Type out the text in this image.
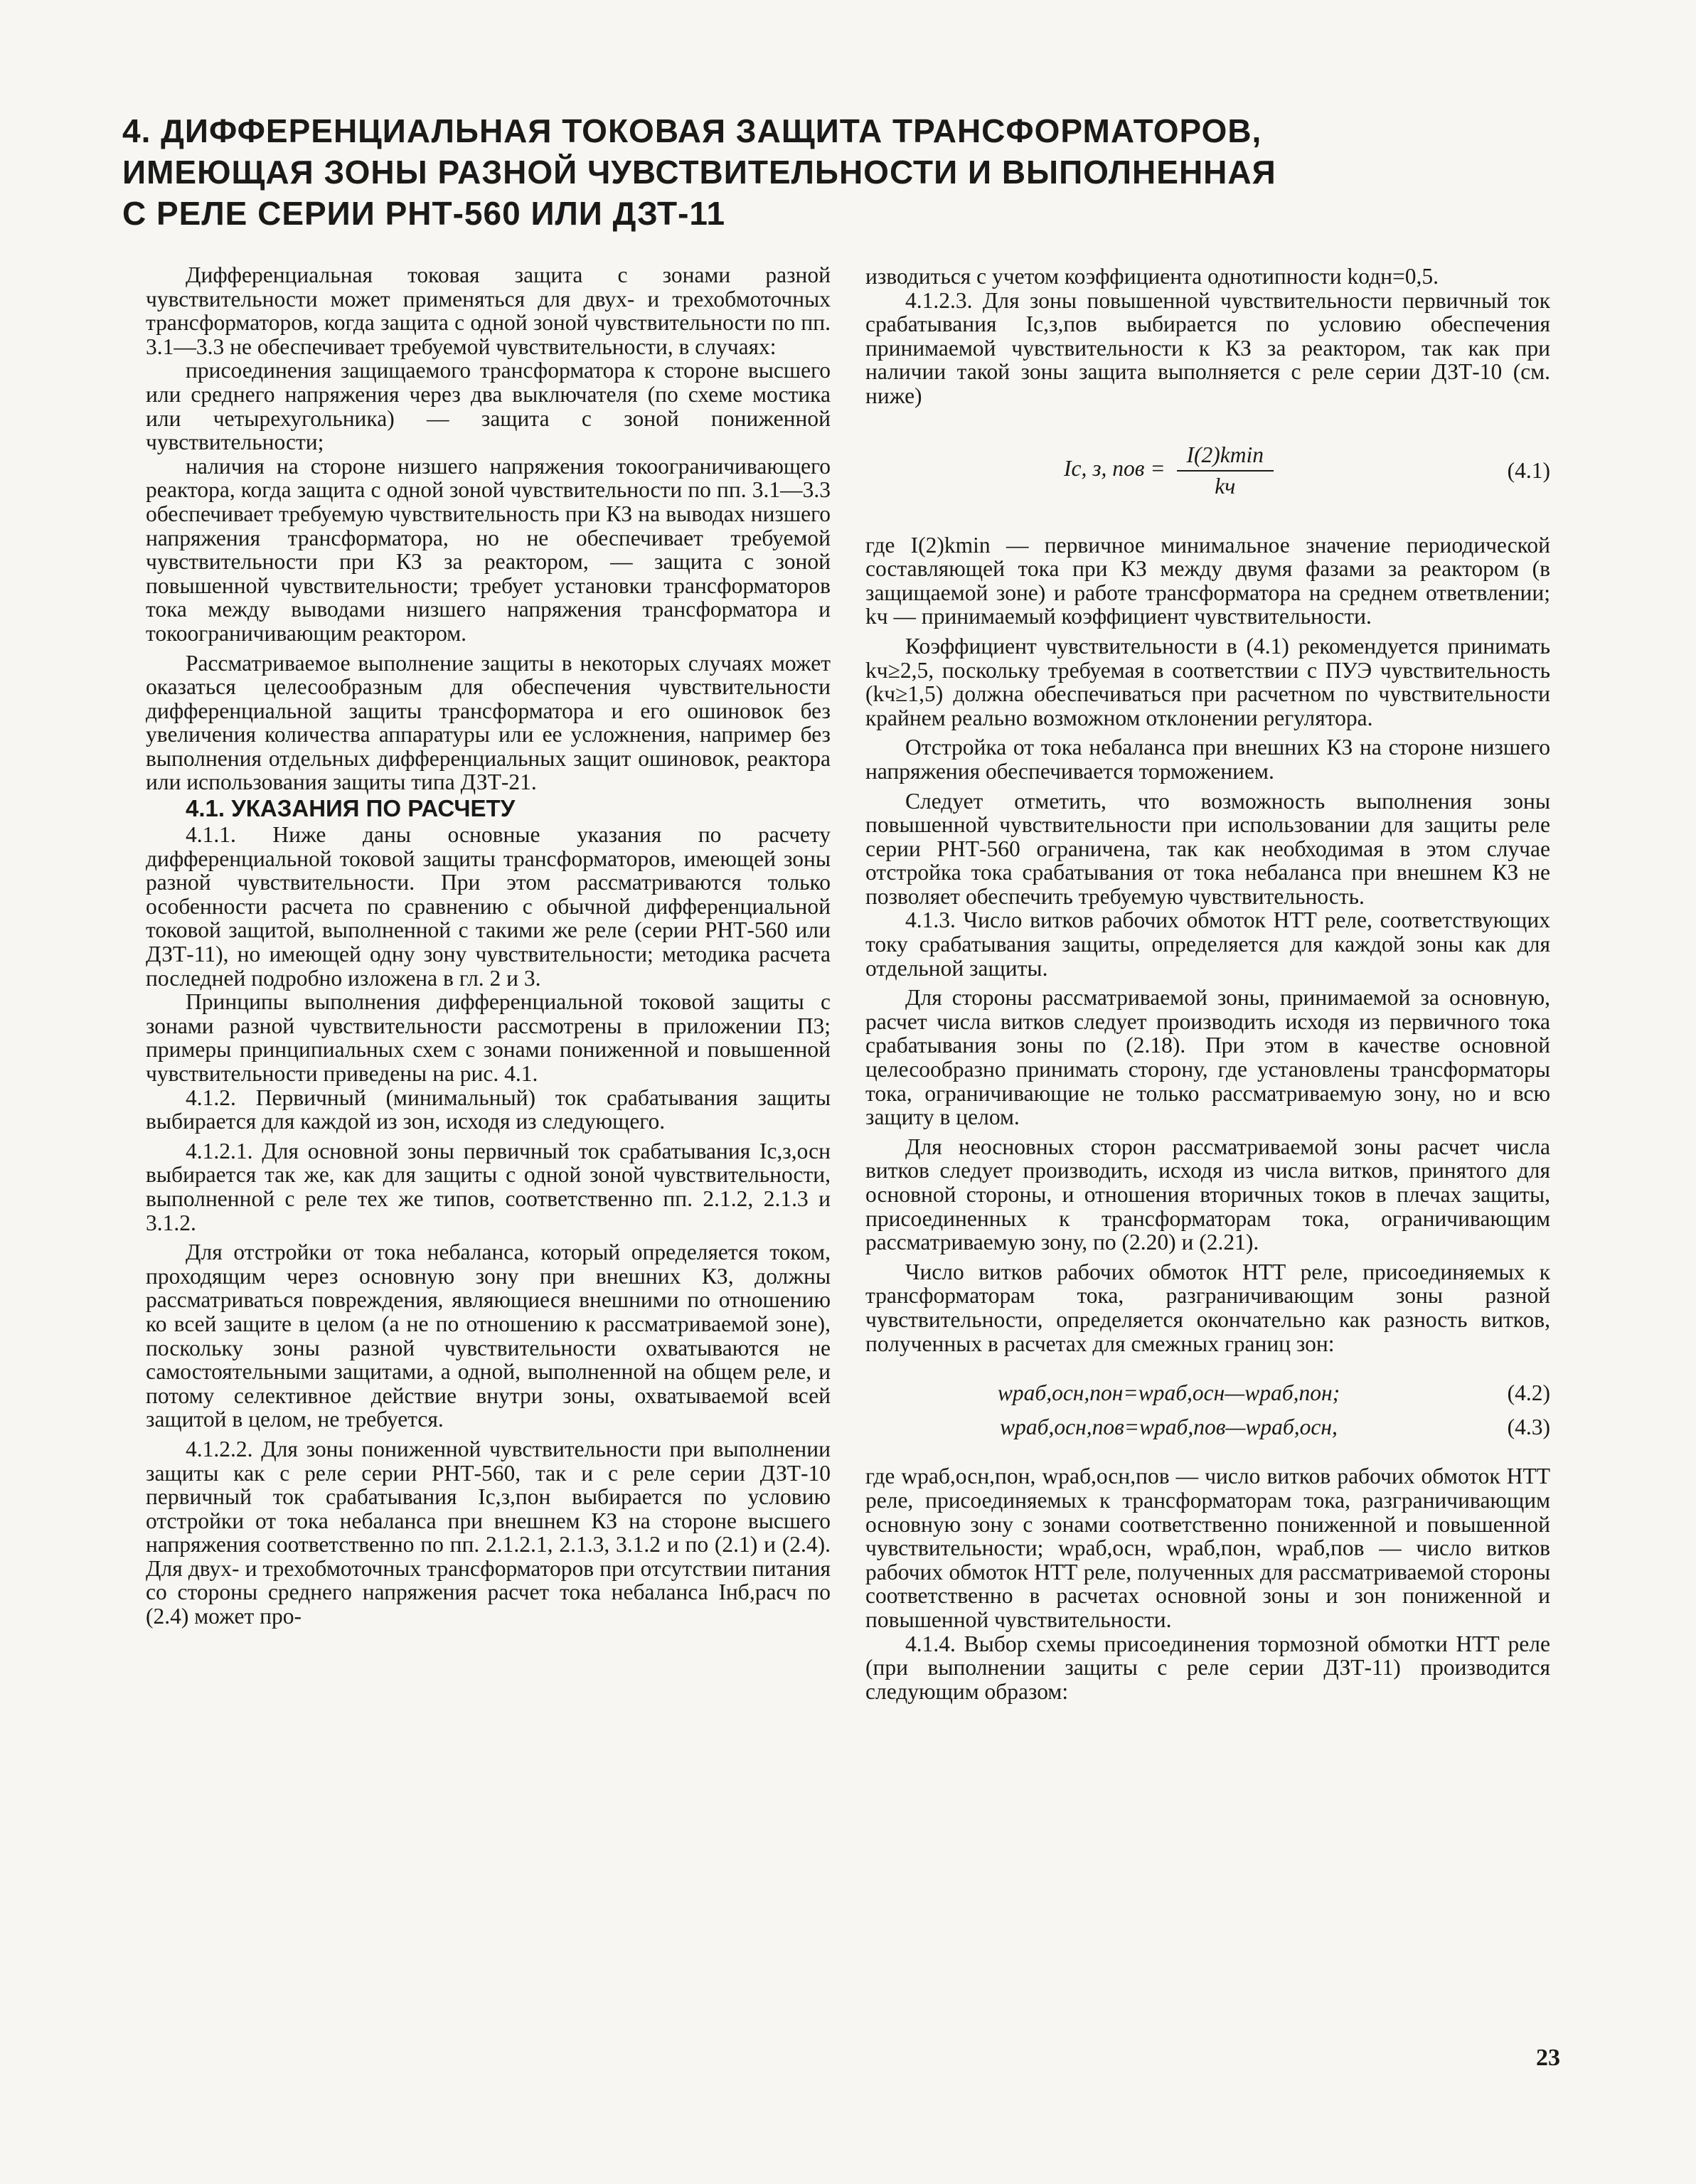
4. ДИФФЕРЕНЦИАЛЬНАЯ ТОКОВАЯ ЗАЩИТА ТРАНСФОРМАТОРОВ,
ИМЕЮЩАЯ ЗОНЫ РАЗНОЙ ЧУВСТВИТЕЛЬНОСТИ И ВЫПОЛНЕННАЯ
С РЕЛЕ СЕРИИ РНТ-560 ИЛИ ДЗТ-11

Дифференциальная токовая защита с зонами разной чувствительности может применяться для двух- и трехобмоточных трансформаторов, когда защита с одной зоной чувствительности по пп. 3.1—3.3 не обеспечивает требуемой чувствительности, в случаях:

присоединения защищаемого трансформатора к стороне высшего или среднего напряжения через два выключателя (по схеме мостика или четырехугольника) — защита с зоной пониженной чувствительности;

наличия на стороне низшего напряжения токоограничивающего реактора, когда защита с одной зоной чувствительности по пп. 3.1—3.3 обеспечивает требуемую чувствительность при КЗ на выводах низшего напряжения трансформатора, но не обеспечивает требуемой чувствительности при КЗ за реактором, — защита с зоной повышенной чувствительности; требует установки трансформаторов тока между выводами низшего напряжения трансформатора и токоограничивающим реактором.

Рассматриваемое выполнение защиты в некоторых случаях может оказаться целесообразным для обеспечения чувствительности дифференциальной защиты трансформатора и его ошиновок без увеличения количества аппаратуры или ее усложнения, например без выполнения отдельных дифференциальных защит ошиновок, реактора или использования защиты типа ДЗТ-21.

4.1. УКАЗАНИЯ ПО РАСЧЕТУ

4.1.1. Ниже даны основные указания по расчету дифференциальной токовой защиты трансформаторов, имеющей зоны разной чувствительности. При этом рассматриваются только особенности расчета по сравнению с обычной дифференциальной токовой защитой, выполненной с такими же реле (серии РНТ-560 или ДЗТ-11), но имеющей одну зону чувствительности; методика расчета последней подробно изложена в гл. 2 и 3.

Принципы выполнения дифференциальной токовой защиты с зонами разной чувствительности рассмотрены в приложении П3; примеры принципиальных схем с зонами пониженной и повышенной чувствительности приведены на рис. 4.1.

4.1.2. Первичный (минимальный) ток срабатывания защиты выбирается для каждой из зон, исходя из следующего.

4.1.2.1. Для основной зоны первичный ток срабатывания Iс,з,осн выбирается так же, как для защиты с одной зоной чувствительности, выполненной с реле тех же типов, соответственно пп. 2.1.2, 2.1.3 и 3.1.2.

Для отстройки от тока небаланса, который определяется током, проходящим через основную зону при внешних КЗ, должны рассматриваться повреждения, являющиеся внешними по отношению ко всей защите в целом (а не по отношению к рассматриваемой зоне), поскольку зоны разной чувствительности охватываются не самостоятельными защитами, а одной, выполненной на общем реле, и потому селективное действие внутри зоны, охватываемой всей защитой в целом, не требуется.

4.1.2.2. Для зоны пониженной чувствительности при выполнении защиты как с реле серии РНТ-560, так и с реле серии ДЗТ-10 первичный ток срабатывания Iс,з,пон выбирается по условию отстройки от тока небаланса при внешнем КЗ на стороне высшего напряжения соответственно по пп. 2.1.2.1, 2.1.3, 3.1.2 и по (2.1) и (2.4). Для двух- и трехобмоточных трансформаторов при отсутствии питания со стороны среднего напряжения расчет тока небаланса Iнб,расч по (2.4) может про-

изводиться с учетом коэффициента однотипности kодн=0,5.

4.1.2.3. Для зоны повышенной чувствительности первичный ток срабатывания Iс,з,пов выбирается по условию обеспечения принимаемой чувствительности к КЗ за реактором, так как при наличии такой зоны защита выполняется с реле серии ДЗТ-10 (см. ниже)

Iс, з, пов = $\frac{I(2)kmin}{kч}$	(4.1)

где I(2)kmin — первичное минимальное значение периодической составляющей тока при КЗ между двумя фазами за реактором (в защищаемой зоне) и работе трансформатора на среднем ответвлении; kч — принимаемый коэффициент чувствительности.

Коэффициент чувствительности в (4.1) рекомендуется принимать kч≥2,5, поскольку требуемая в соответствии с ПУЭ чувствительность (kч≥1,5) должна обеспечиваться при расчетном по чувствительности крайнем реально возможном отклонении регулятора.

Отстройка от тока небаланса при внешних КЗ на стороне низшего напряжения обеспечивается торможением.

Следует отметить, что возможность выполнения зоны повышенной чувствительности при использовании для защиты реле серии РНТ-560 ограничена, так как необходимая в этом случае отстройка тока срабатывания от тока небаланса при внешнем КЗ не позволяет обеспечить требуемую чувствительность.

4.1.3. Число витков рабочих обмоток НТТ реле, соответствующих току срабатывания защиты, определяется для каждой зоны как для отдельной защиты.

Для стороны рассматриваемой зоны, принимаемой за основную, расчет числа витков следует производить исходя из первичного тока срабатывания зоны по (2.18). При этом в качестве основной целесообразно принимать сторону, где установлены трансформаторы тока, ограничивающие не только рассматриваемую зону, но и всю защиту в целом.

Для неосновных сторон рассматриваемой зоны расчет числа витков следует производить, исходя из числа витков, принятого для основной стороны, и отношения вторичных токов в плечах защиты, присоединенных к трансформаторам тока, ограничивающим рассматриваемую зону, по (2.20) и (2.21).

Число витков рабочих обмоток НТТ реле, присоединяемых к трансформаторам тока, разграничивающим зоны разной чувствительности, определяется окончательно как разность витков, полученных в расчетах для смежных границ зон:

wраб,осн,пон=wраб,осн—wраб,пон;	(4.2)
wраб,осн,пов=wраб,пов—wраб,осн,	(4.3)

где wраб,осн,пон, wраб,осн,пов — число витков рабочих обмоток НТТ реле, присоединяемых к трансформаторам тока, разграничивающим основную зону с зонами соответственно пониженной и повышенной чувствительности; wраб,осн, wраб,пон, wраб,пов — число витков рабочих обмоток НТТ реле, полученных для рассматриваемой стороны соответственно в расчетах основной зоны и зон пониженной и повышенной чувствительности.

4.1.4. Выбор схемы присоединения тормозной обмотки НТТ реле (при выполнении защиты с реле серии ДЗТ-11) производится следующим образом:

23
